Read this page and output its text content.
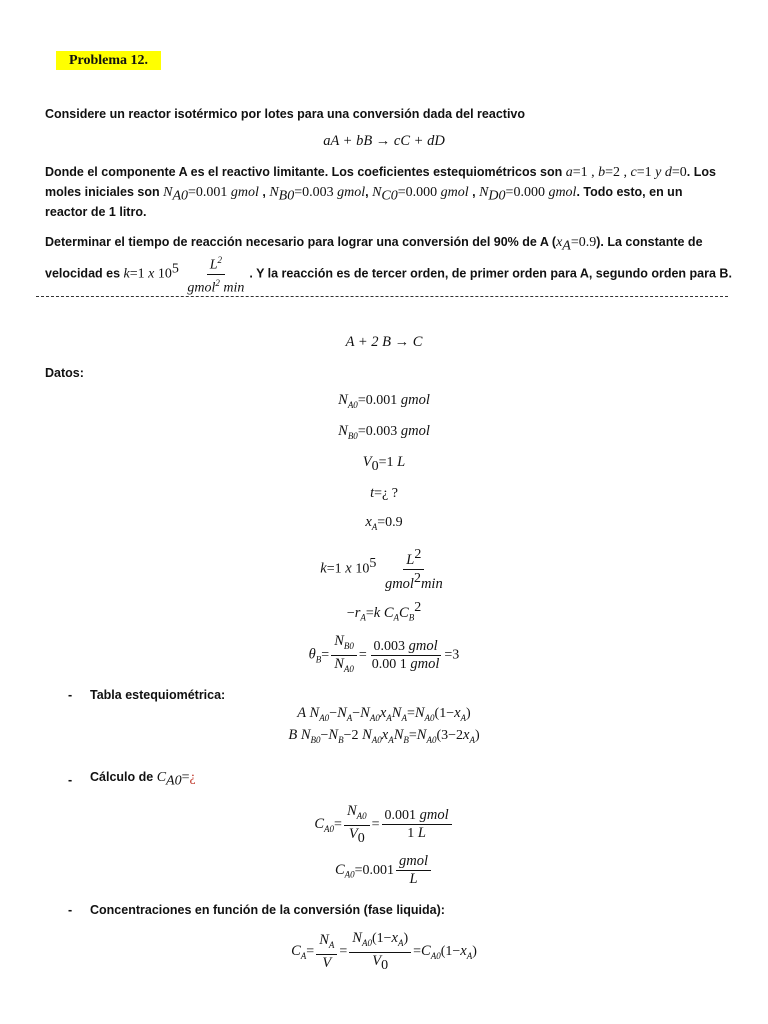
Problema 12.
Considere un reactor isotérmico por lotes para una conversión dada del reactivo
aA + bB → cC + dD
Donde el componente A es el reactivo limitante. Los coeficientes estequiométricos son a=1 , b=2 , c=1 y d=0. Los
moles iniciales son $N_{A0}=0.001$ gmol , $N_{B0}=0.003$ gmol, $N_{C0}=0.000$ gmol , $N_{D0}=0.000$ gmol. Todo esto, en un
reactor de 1 litro.
Determinar el tiempo de reacción necesario para lograr una conversión del 90% de A $(x_A=0.9)$. La constante de
velocidad es k=1 x $10^5 \frac{L^2}{gmol^2 \min}$ . Y la reacción es de tercer orden, de primer orden para A, segundo orden para B.
A + 2 B → C
Datos:
$N_{A0}=0.001$ gmol
$N_{B0}=0.003$ gmol
$V_0=1$ L
t=¿ ?
$x_A=0.9$
k=1 x $10^5 \frac{L^2}{gmol^2\min}$
$-r_A=k$ $C_AC_B^2$
$\theta_B= \frac{N_{B0}}{N_{A0}} = \frac{\text{0.003 gmol}}{\text{0.00 1 gmol}} =3$
- Tabla estequiométrica:
A $N_{A0}-N_A-N_{A0}x_AN_A=N_{A0}(1-x_A)$
B $N_{B0}-N_B-2$ $N_{A0}x_AN_B=N_{A0}(3-2x_A)$
- Cálculo de $C_{A0}=¿$
$C_{A0}= \frac{N_{A0}}{V_0} = \frac{\text{0.001 gmol}}{1 L}$
$C_{A0}=0.001 \frac{\text{gmol}}{L}$
- Concentraciones en función de la conversión (fase liquida):
$C_A= \frac{N_A}{V} = \frac{N_{A0}(1-x_A)}{V_0} =C_{A0}(1-x_A)$
